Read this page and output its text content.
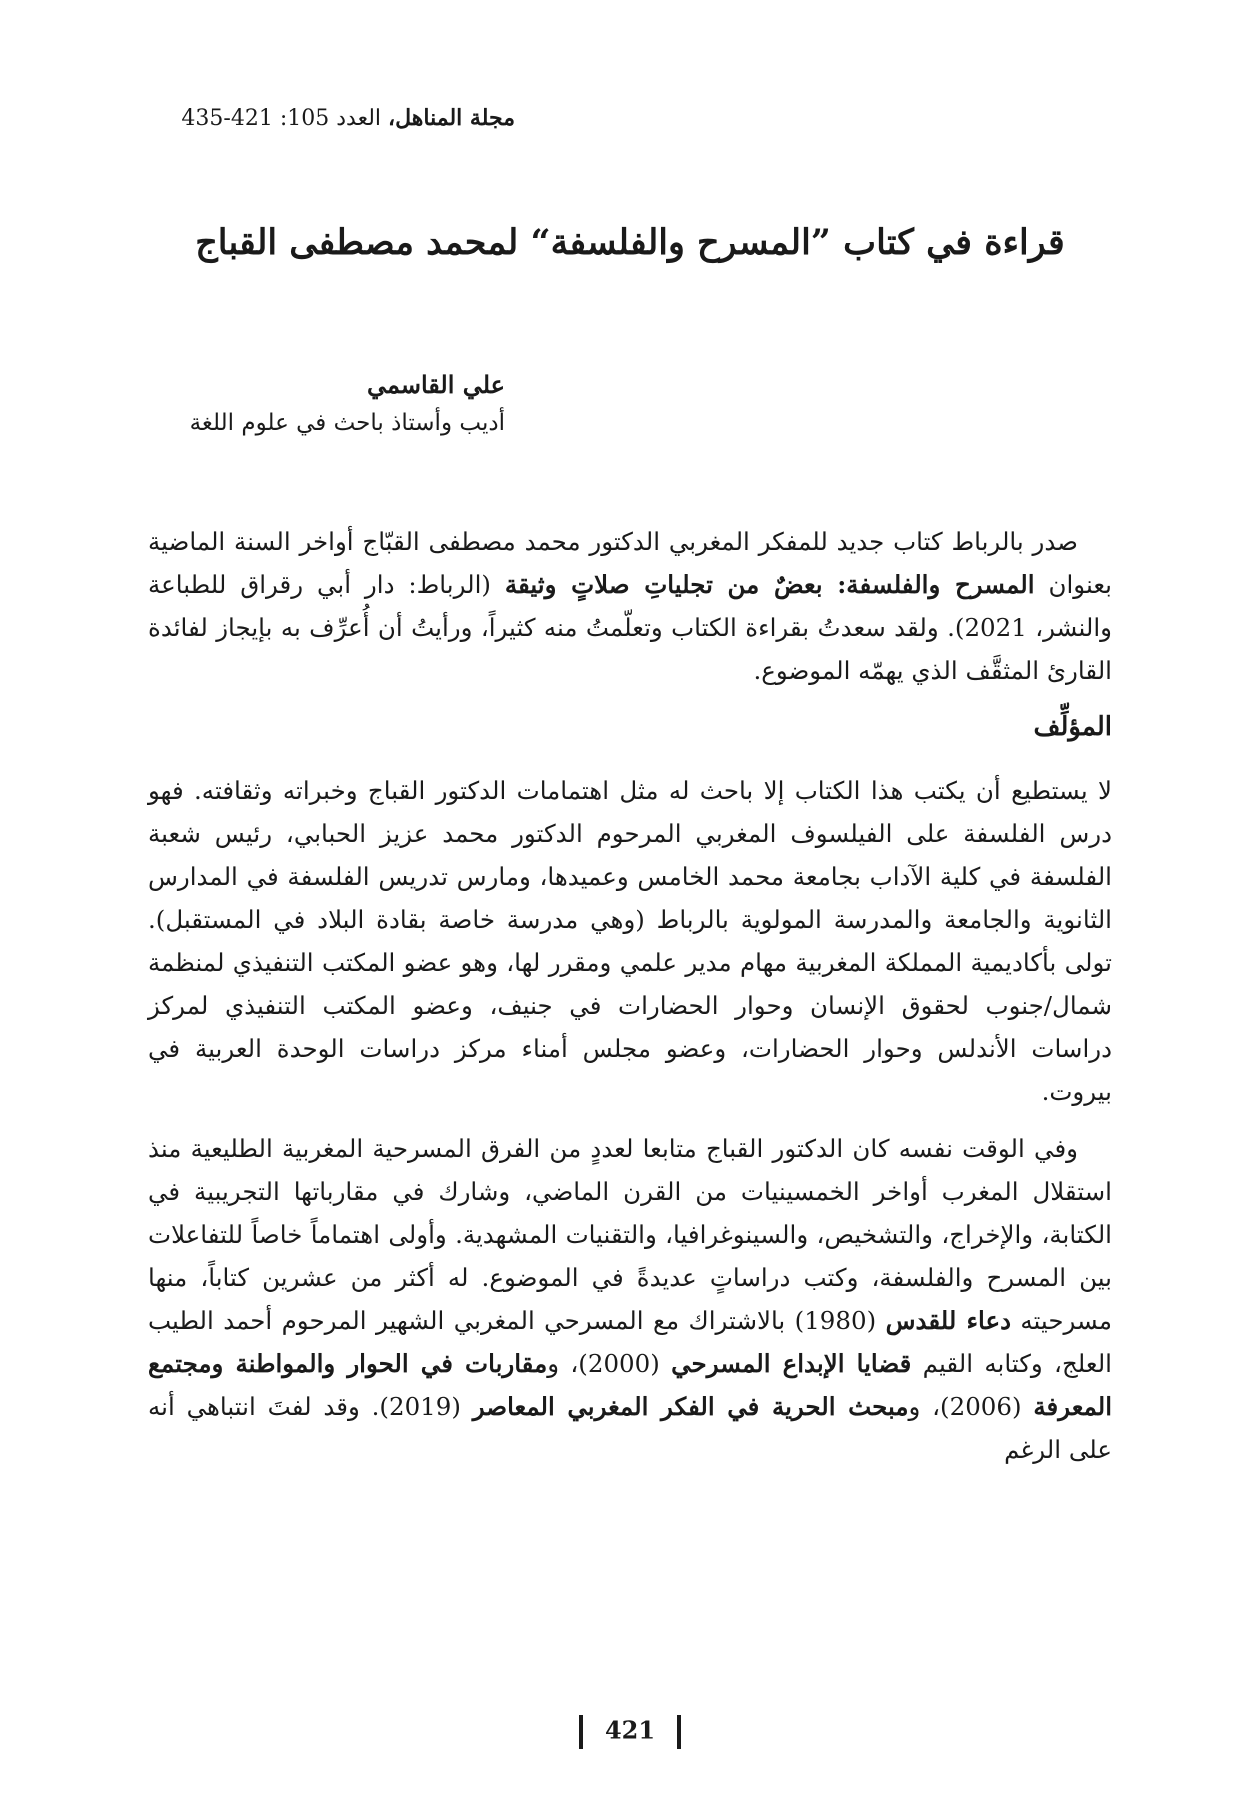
مجلة المناهل، العدد 105: 421-435
قراءة في كتاب ”المسرح والفلسفة“ لمحمد مصطفى القباج
علي القاسمي
أديب وأستاذ باحث في علوم اللغة

صدر بالرباط كتاب جديد للمفكر المغربي الدكتور محمد مصطفى القبّاج أواخر السنة الماضية بعنوان المسرح والفلسفة: بعضٌ من تجلياتِ صلاتٍ وثيقة (الرباط: دار أبي رقراق للطباعة والنشر، 2021). ولقد سعدتُ بقراءة الكتاب وتعلّمتُ منه كثيراً، ورأيتُ أن أُعرِّف به بإيجاز لفائدة القارئ المثقَّف الذي يهمّه الموضوع.

المؤلِّف

لا يستطيع أن يكتب هذا الكتاب إلا باحث له مثل اهتمامات الدكتور القباج وخبراته وثقافته. فهو درس الفلسفة على الفيلسوف المغربي المرحوم الدكتور محمد عزيز الحبابي، رئيس شعبة الفلسفة في كلية الآداب بجامعة محمد الخامس وعميدها، ومارس تدريس الفلسفة في المدارس الثانوية والجامعة والمدرسة المولوية بالرباط (وهي مدرسة خاصة بقادة البلاد في المستقبل). تولى بأكاديمية المملكة المغربية مهام مدير علمي ومقرر لها، وهو عضو المكتب التنفيذي لمنظمة شمال/جنوب لحقوق الإنسان وحوار الحضارات في جنيف، وعضو المكتب التنفيذي لمركز دراسات الأندلس وحوار الحضارات، وعضو مجلس أمناء مركز دراسات الوحدة العربية في بيروت.

وفي الوقت نفسه كان الدكتور القباج متابعا لعددٍ من الفرق المسرحية المغربية الطليعية منذ استقلال المغرب أواخر الخمسينيات من القرن الماضي، وشارك في مقارباتها التجريبية في الكتابة، والإخراج، والتشخيص، والسينوغرافيا، والتقنيات المشهدية. وأولى اهتماماً خاصاً للتفاعلات بين المسرح والفلسفة، وكتب دراساتٍ عديدةً في الموضوع. له أكثر من عشرين كتاباً، منها مسرحيته دعاء للقدس (1980) بالاشتراك مع المسرحي المغربي الشهير المرحوم أحمد الطيب العلج، وكتابه القيم قضايا الإبداع المسرحي (2000)، ومقاربات في الحوار والمواطنة ومجتمع المعرفة (2006)، ومبحث الحرية في الفكر المغربي المعاصر (2019). وقد لفتَ انتباهي أنه على الرغم

421
